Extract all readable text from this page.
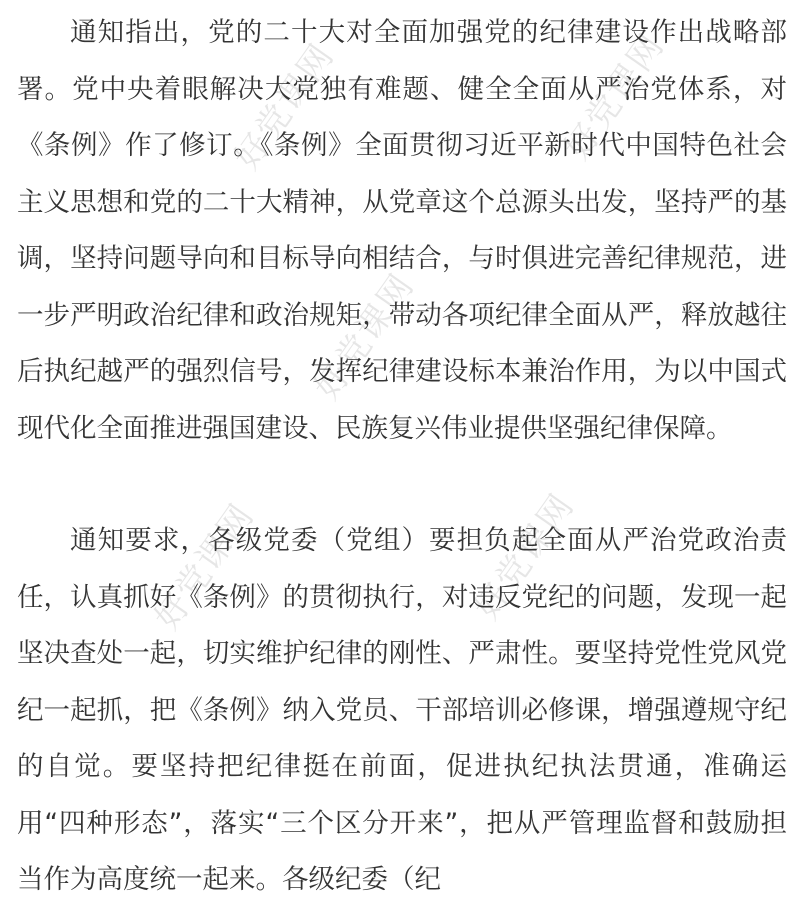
好党课网	好党课网
好党课网
好党课网	好党课网

通知指出，党的二十大对全面加强党的纪律建设作出战略部署。党中央着眼解决大党独有难题、健全全面从严治党体系，对《条例》作了修订。《条例》全面贯彻习近平新时代中国特色社会主义思想和党的二十大精神，从党章这个总源头出发，坚持严的基调，坚持问题导向和目标导向相结合，与时俱进完善纪律规范，进一步严明政治纪律和政治规矩，带动各项纪律全面从严，释放越往后执纪越严的强烈信号，发挥纪律建设标本兼治作用，为以中国式现代化全面推进强国建设、民族复兴伟业提供坚强纪律保障。

通知要求，各级党委（党组）要担负起全面从严治党政治责任，认真抓好《条例》的贯彻执行，对违反党纪的问题，发现一起坚决查处一起，切实维护纪律的刚性、严肃性。要坚持党性党风党纪一起抓，把《条例》纳入党员、干部培训必修课，增强遵规守纪的自觉。要坚持把纪律挺在前面，促进执纪执法贯通，准确运用“四种形态”，落实“三个区分开来”，把从严管理监督和鼓励担当作为高度统一起来。各级纪委（纪
